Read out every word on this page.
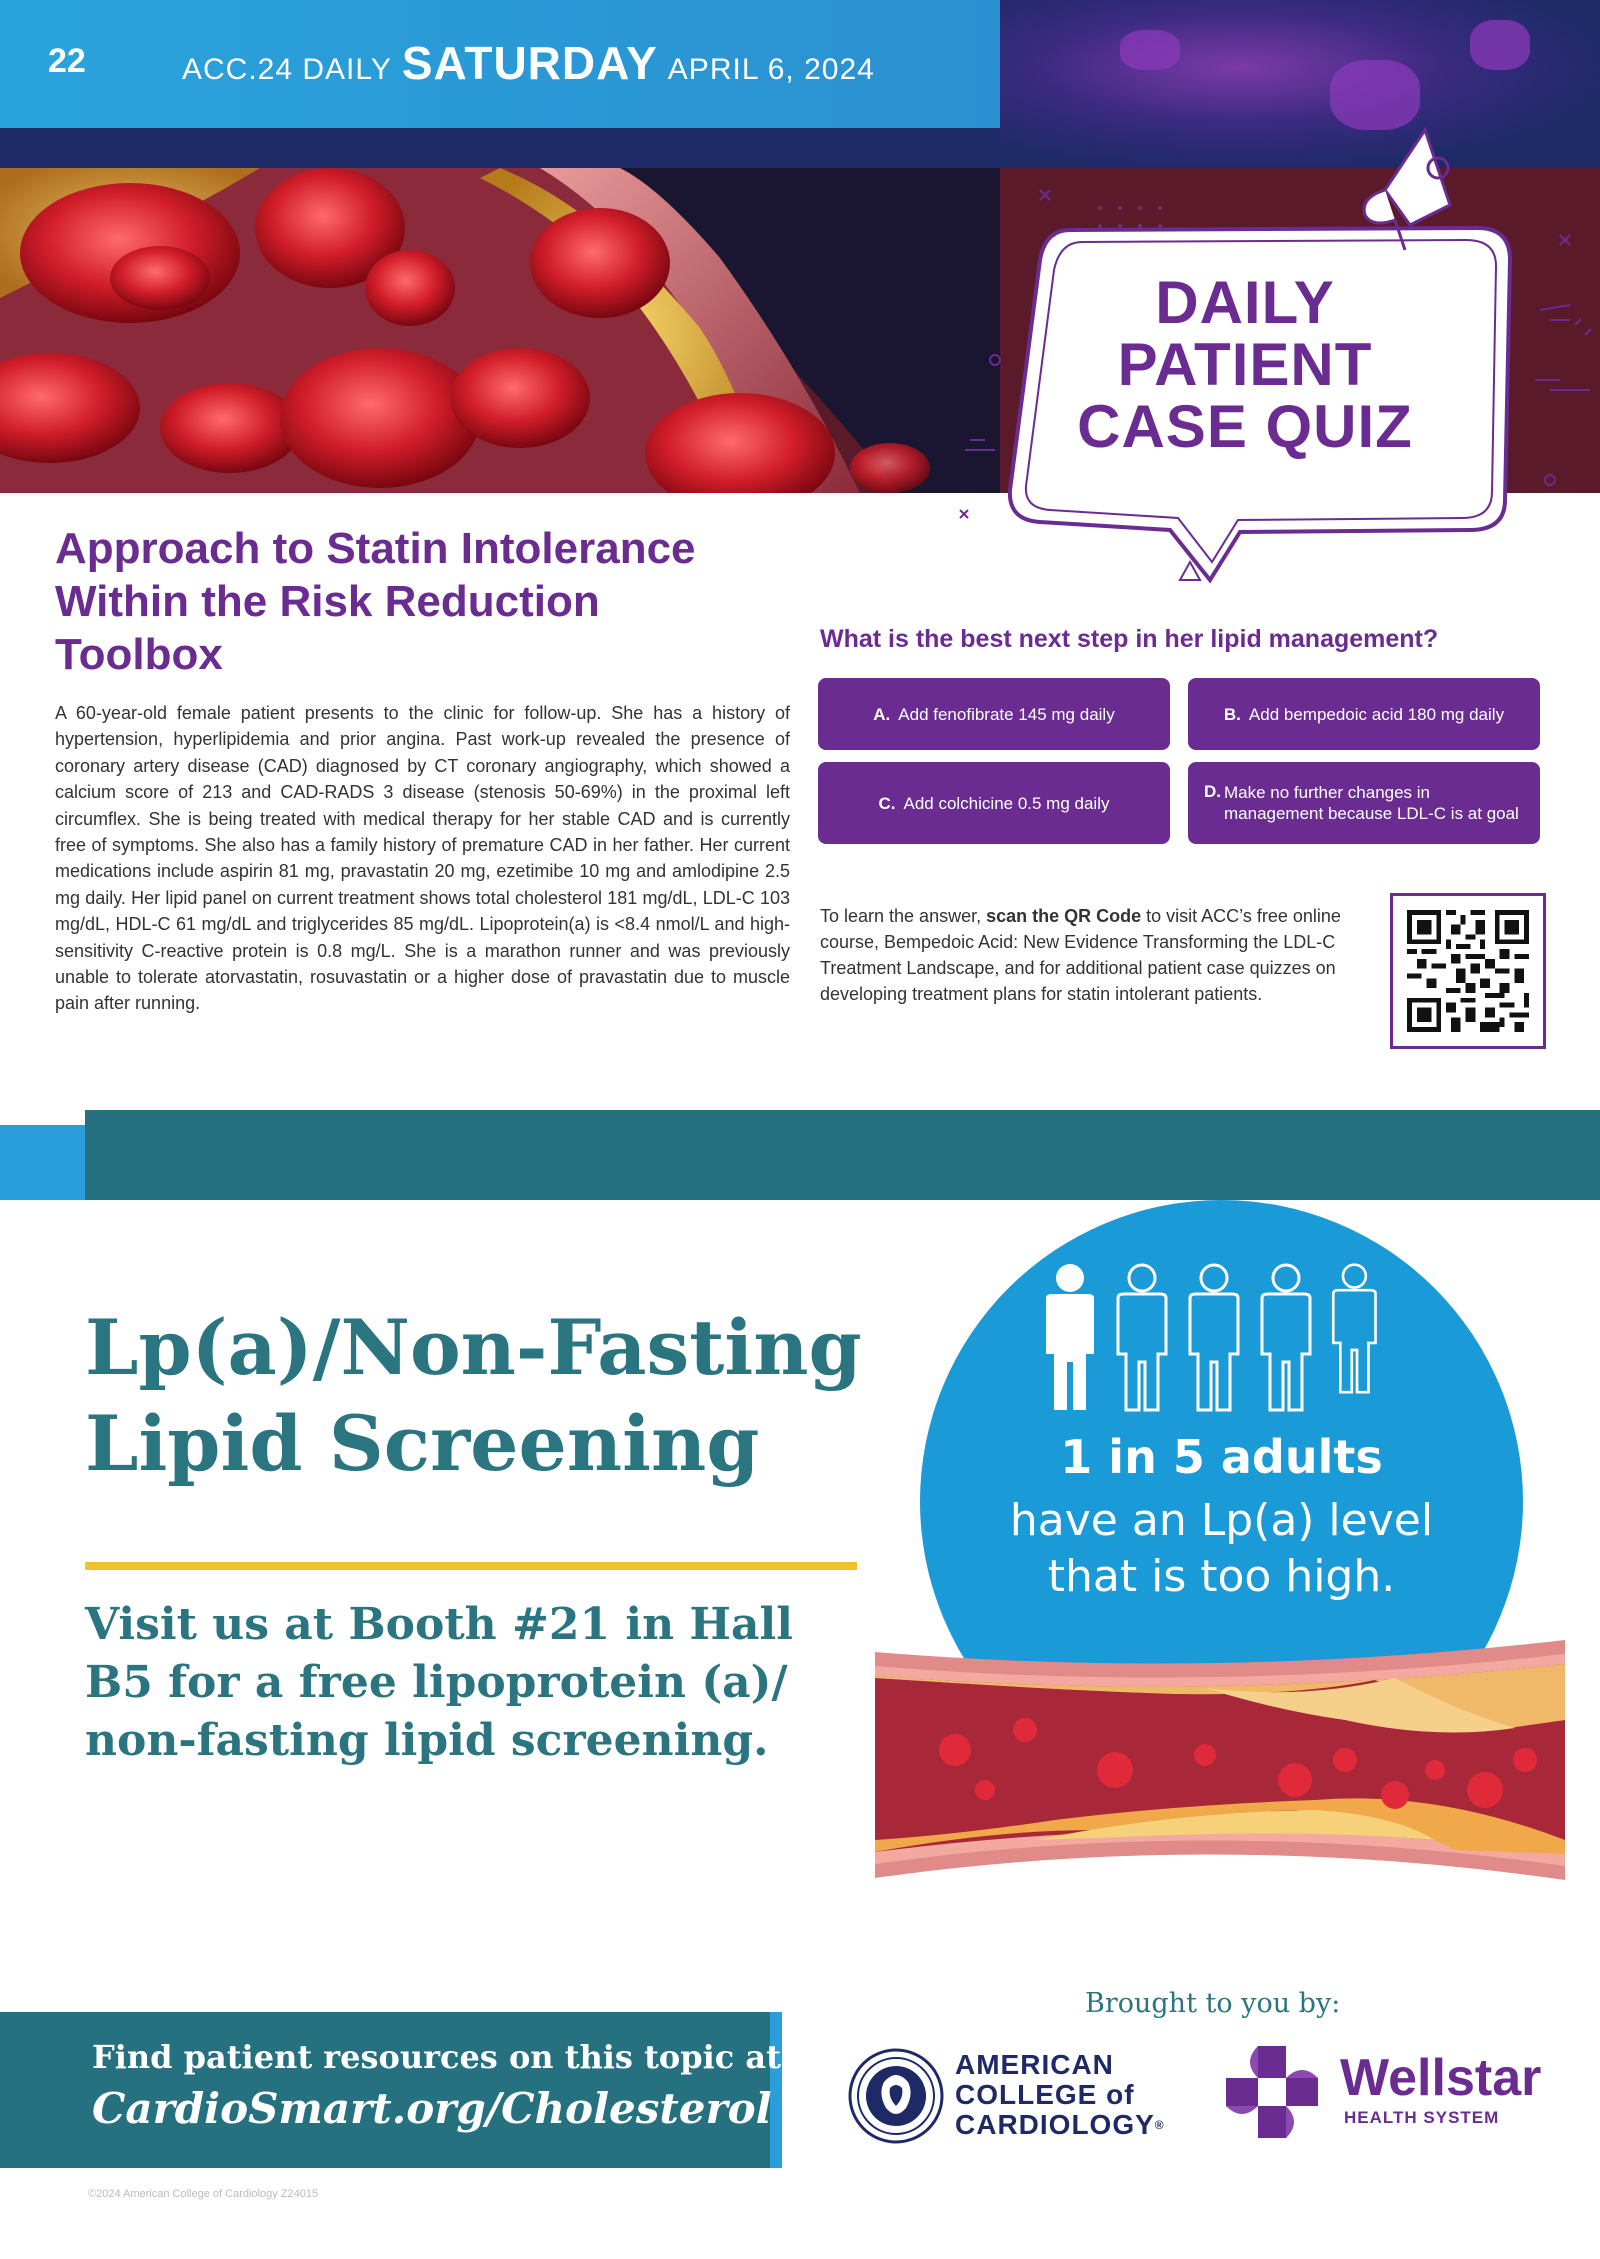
22	ACC.24 DAILY SATURDAY APRIL 6, 2024
DAILY PATIENT CASE QUIZ
Approach to Statin Intolerance Within the Risk Reduction Toolbox

A 60-year-old female patient presents to the clinic for follow-up. She has a history of hypertension, hyperlipidemia and prior angina. Past work-up revealed the presence of coronary artery disease (CAD) diagnosed by CT coronary angiography, which showed a calcium score of 213 and CAD-RADS 3 disease (stenosis 50-69%) in the proximal left circumflex. She is being treated with medical therapy for her stable CAD and is currently free of symptoms. She also has a family history of premature CAD in her father. Her current medications include aspirin 81 mg, pravastatin 20 mg, ezetimibe 10 mg and amlodipine 2.5 mg daily. Her lipid panel on current treatment shows total cholesterol 181 mg/dL, LDL-C 103 mg/dL, HDL-C 61 mg/dL and triglycerides 85 mg/dL. Lipoprotein(a) is <8.4 nmol/L and high-sensitivity C-reactive protein is 0.8 mg/L. She is a marathon runner and was previously unable to tolerate atorvastatin, rosuvastatin or a higher dose of pravastatin due to muscle pain after running.

What is the best next step in her lipid management?
A. Add fenofibrate 145 mg daily	B. Add bempedoic acid 180 mg daily
C. Add colchicine 0.5 mg daily
D. Make no further changes in management because LDL-C is at goal

To learn the answer, scan the QR Code to visit ACC’s free online course, Bempedoic Acid: New Evidence Transforming the LDL-C Treatment Landscape, and for additional patient case quizzes on developing treatment plans for statin intolerant patients.

Lp(a)/Non-Fasting
Lipid Screening

Visit us at Booth #21 in Hall B5 for a free lipoprotein (a)/ non-fasting lipid screening.

1 in 5 adults
have an Lp(a) level
that is too high.
Brought to you by:
Find patient resources on this topic at
CardioSmart.org/Cholesterol
AMERICAN
COLLEGE of
CARDIOLOGY®
Wellstar
HEALTH SYSTEM
©2024 American College of Cardiology Z24015
